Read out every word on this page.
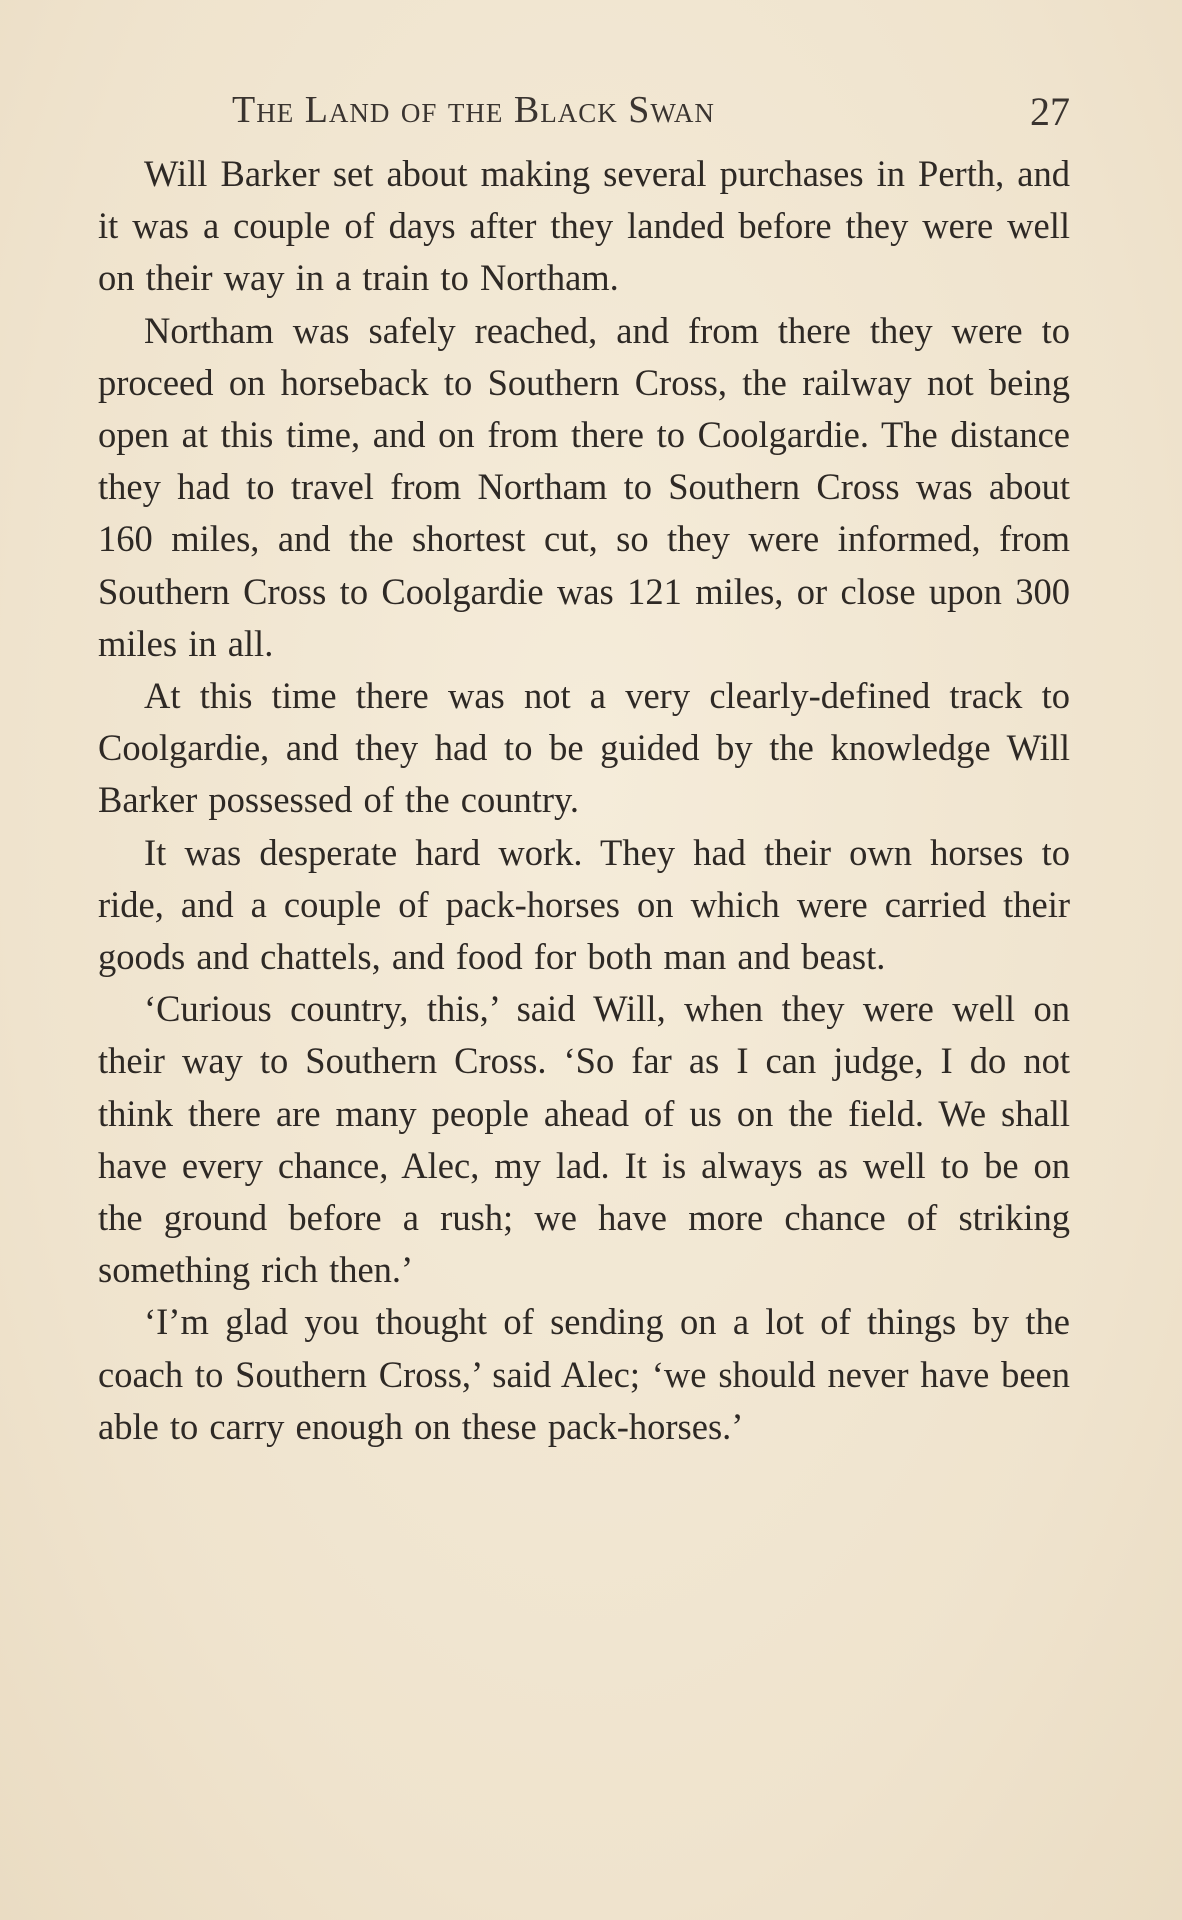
The Land of the Black Swan	27

Will Barker set about making several purchases in Perth, and it was a couple of days after they landed before they were well on their way in a train to Northam.

Northam was safely reached, and from there they were to proceed on horseback to Southern Cross, the railway not being open at this time, and on from there to Coolgardie. The distance they had to travel from Northam to Southern Cross was about 160 miles, and the shortest cut, so they were informed, from Southern Cross to Coolgardie was 121 miles, or close upon 300 miles in all.

At this time there was not a very clearly-defined track to Coolgardie, and they had to be guided by the knowledge Will Barker possessed of the country.

It was desperate hard work. They had their own horses to ride, and a couple of pack-horses on which were carried their goods and chattels, and food for both man and beast.

‘Curious country, this,’ said Will, when they were well on their way to Southern Cross. ‘So far as I can judge, I do not think there are many people ahead of us on the field. We shall have every chance, Alec, my lad. It is always as well to be on the ground before a rush; we have more chance of striking something rich then.’

‘I’m glad you thought of sending on a lot of things by the coach to Southern Cross,’ said Alec; ‘we should never have been able to carry enough on these pack-horses.’
